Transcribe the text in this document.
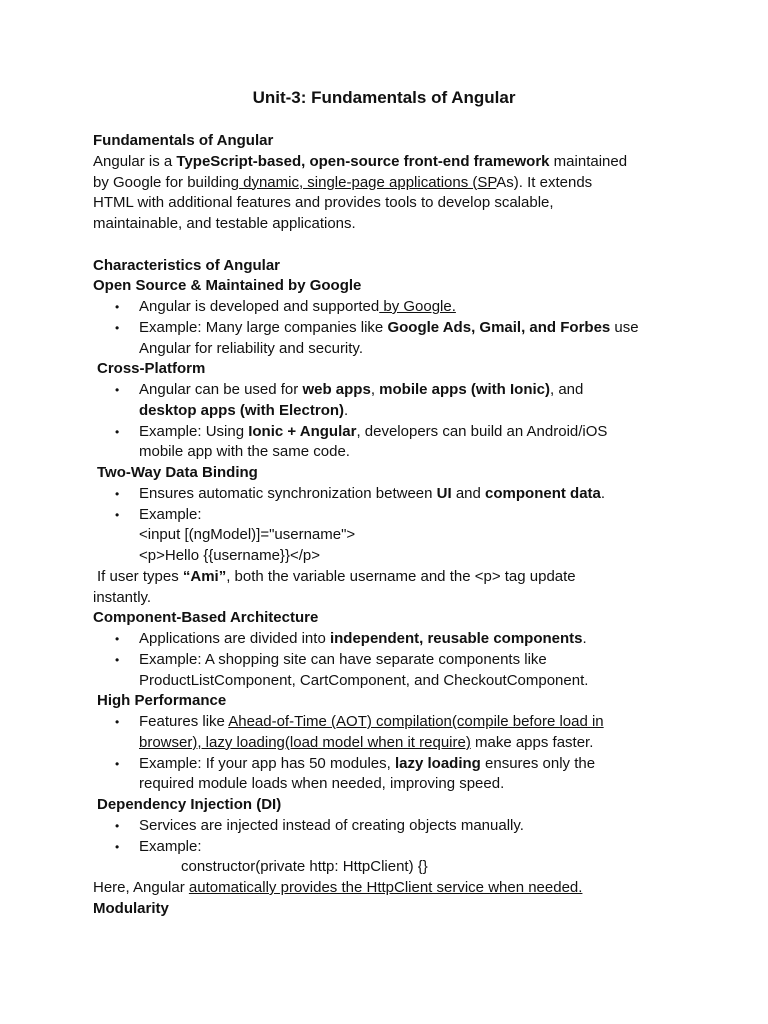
Unit-3: Fundamentals of Angular

Fundamentals of Angular

Angular is a TypeScript-based, open-source front-end framework maintained

by Google for building dynamic, single-page applications (SPAs). It extends

HTML with additional features and provides tools to develop scalable,

maintainable, and testable applications.

Characteristics of Angular

Open Source & Maintained by Google

• Angular is developed and supported by Google.

• Example: Many large companies like Google Ads, Gmail, and Forbes use

Angular for reliability and security.

Cross-Platform

• Angular can be used for web apps, mobile apps (with Ionic), and

desktop apps (with Electron).

• Example: Using Ionic + Angular, developers can build an Android/iOS

mobile app with the same code.

Two-Way Data Binding

• Ensures automatic synchronization between UI and component data.

• Example:

<input [(ngModel)]="username">

<p>Hello {{username}}</p>

If user types “Ami”, both the variable username and the <p> tag update

instantly.

Component-Based Architecture

• Applications are divided into independent, reusable components.

• Example: A shopping site can have separate components like

ProductListComponent, CartComponent, and CheckoutComponent.

High Performance

• Features like Ahead-of-Time (AOT) compilation(compile before load in

browser), lazy loading(load model when it require) make apps faster.

• Example: If your app has 50 modules, lazy loading ensures only the

required module loads when needed, improving speed.

Dependency Injection (DI)

• Services are injected instead of creating objects manually.

• Example:

constructor(private http: HttpClient) {}

Here, Angular automatically provides the HttpClient service when needed.

Modularity
